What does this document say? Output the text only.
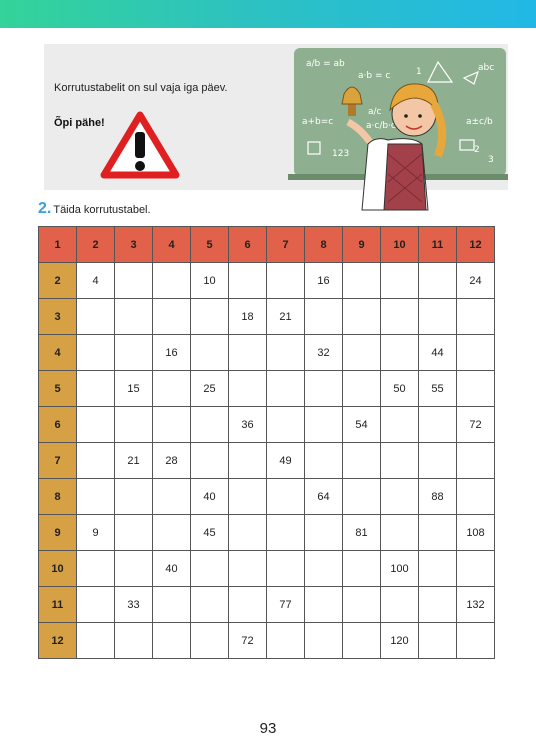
Korrutustabelit on sul vaja iga päev.
Õpi pähe!
a/b = ab
a·b = c
a/c
a·c/b·c	a±c/b
a+b=c
123
1
2
3
abc
2. Täida korrutustabel.
1	2	3	4	5	6	7	8	9	10	11	12
2	4			10			16				24
3					18	21					
4			16				32			44	
5		15		25					50	55	
6					36			54			72
7		21	28			49					
8				40			64			88	
9	9			45				81			108
10			40						100		
11		33				77					132
12					72				120		
93
